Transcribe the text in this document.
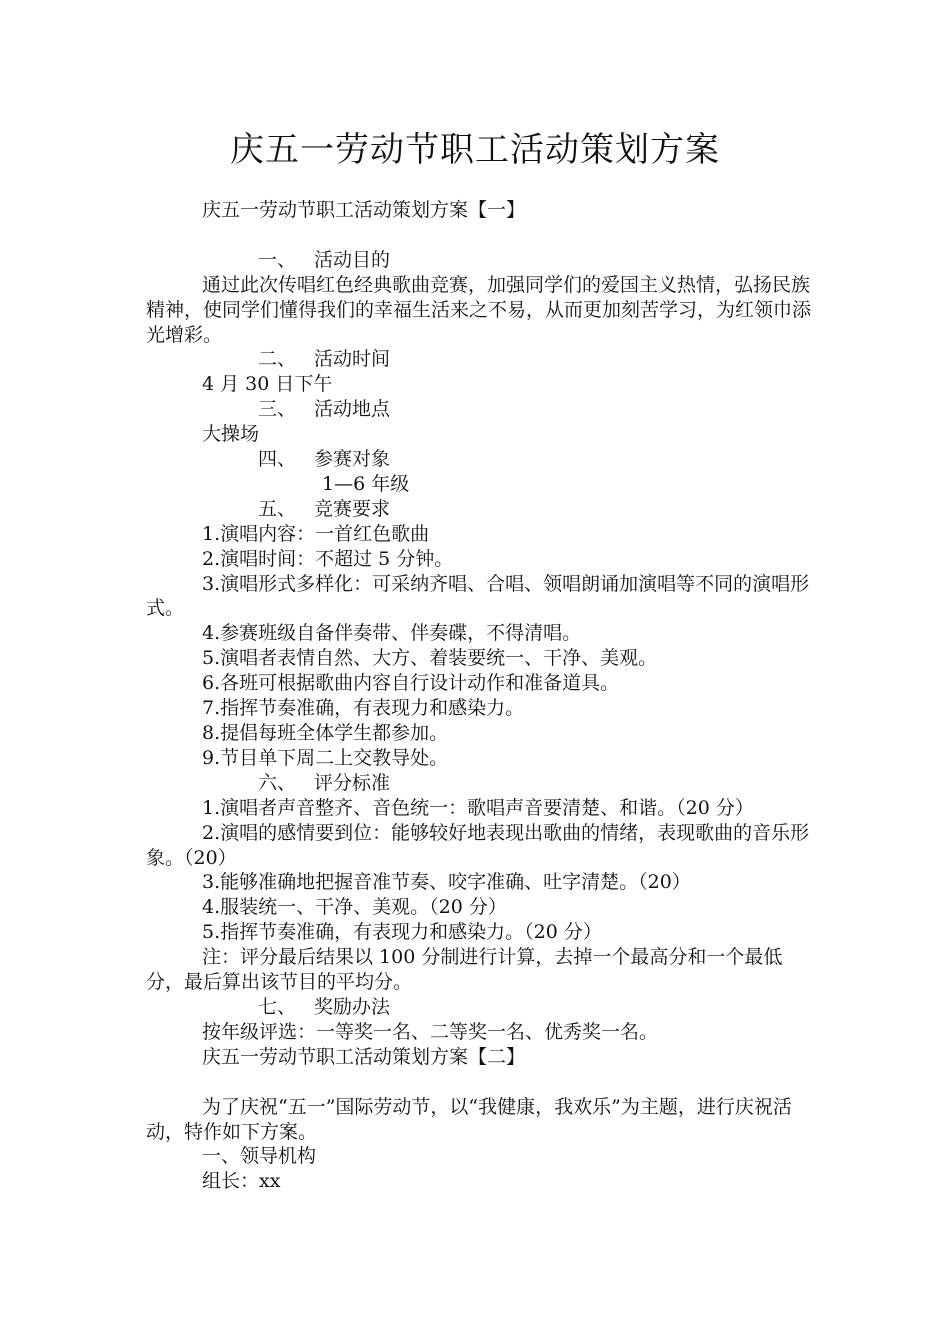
庆五一劳动节职工活动策划方案

庆五一劳动节职工活动策划方案【一】

一、 活动目的

通过此次传唱红色经典歌曲竞赛，加强同学们的爱国主义热情，弘扬民族精神，使同学们懂得我们的幸福生活来之不易，从而更加刻苦学习，为红领巾添光增彩。

二、 活动时间

4 月 30 日下午

三、 活动地点

大操场

四、 参赛对象

1—6 年级

五、 竞赛要求

1.演唱内容：一首红色歌曲

2.演唱时间：不超过 5 分钟。

3.演唱形式多样化：可采纳齐唱、合唱、领唱朗诵加演唱等不同的演唱形式。

4.参赛班级自备伴奏带、伴奏碟，不得清唱。

5.演唱者表情自然、大方、着装要统一、干净、美观。

6.各班可根据歌曲内容自行设计动作和准备道具。

7.指挥节奏准确，有表现力和感染力。

8.提倡每班全体学生都参加。

9.节目单下周二上交教导处。

六、 评分标准

1.演唱者声音整齐、音色统一：歌唱声音要清楚、和谐。（20 分）

2.演唱的感情要到位：能够较好地表现出歌曲的情绪，表现歌曲的音乐形象。（20）

3.能够准确地把握音准节奏、咬字准确、吐字清楚。（20）

4.服装统一、干净、美观。（20 分）

5.指挥节奏准确，有表现力和感染力。（20 分）

注：评分最后结果以 100 分制进行计算，去掉一个最高分和一个最低分，最后算出该节目的平均分。

七、 奖励办法

按年级评选：一等奖一名、二等奖一名、优秀奖一名。

庆五一劳动节职工活动策划方案【二】

为了庆祝“五一”国际劳动节，以“我健康，我欢乐”为主题，进行庆祝活动，特作如下方案。

一、领导机构

组长：xx
